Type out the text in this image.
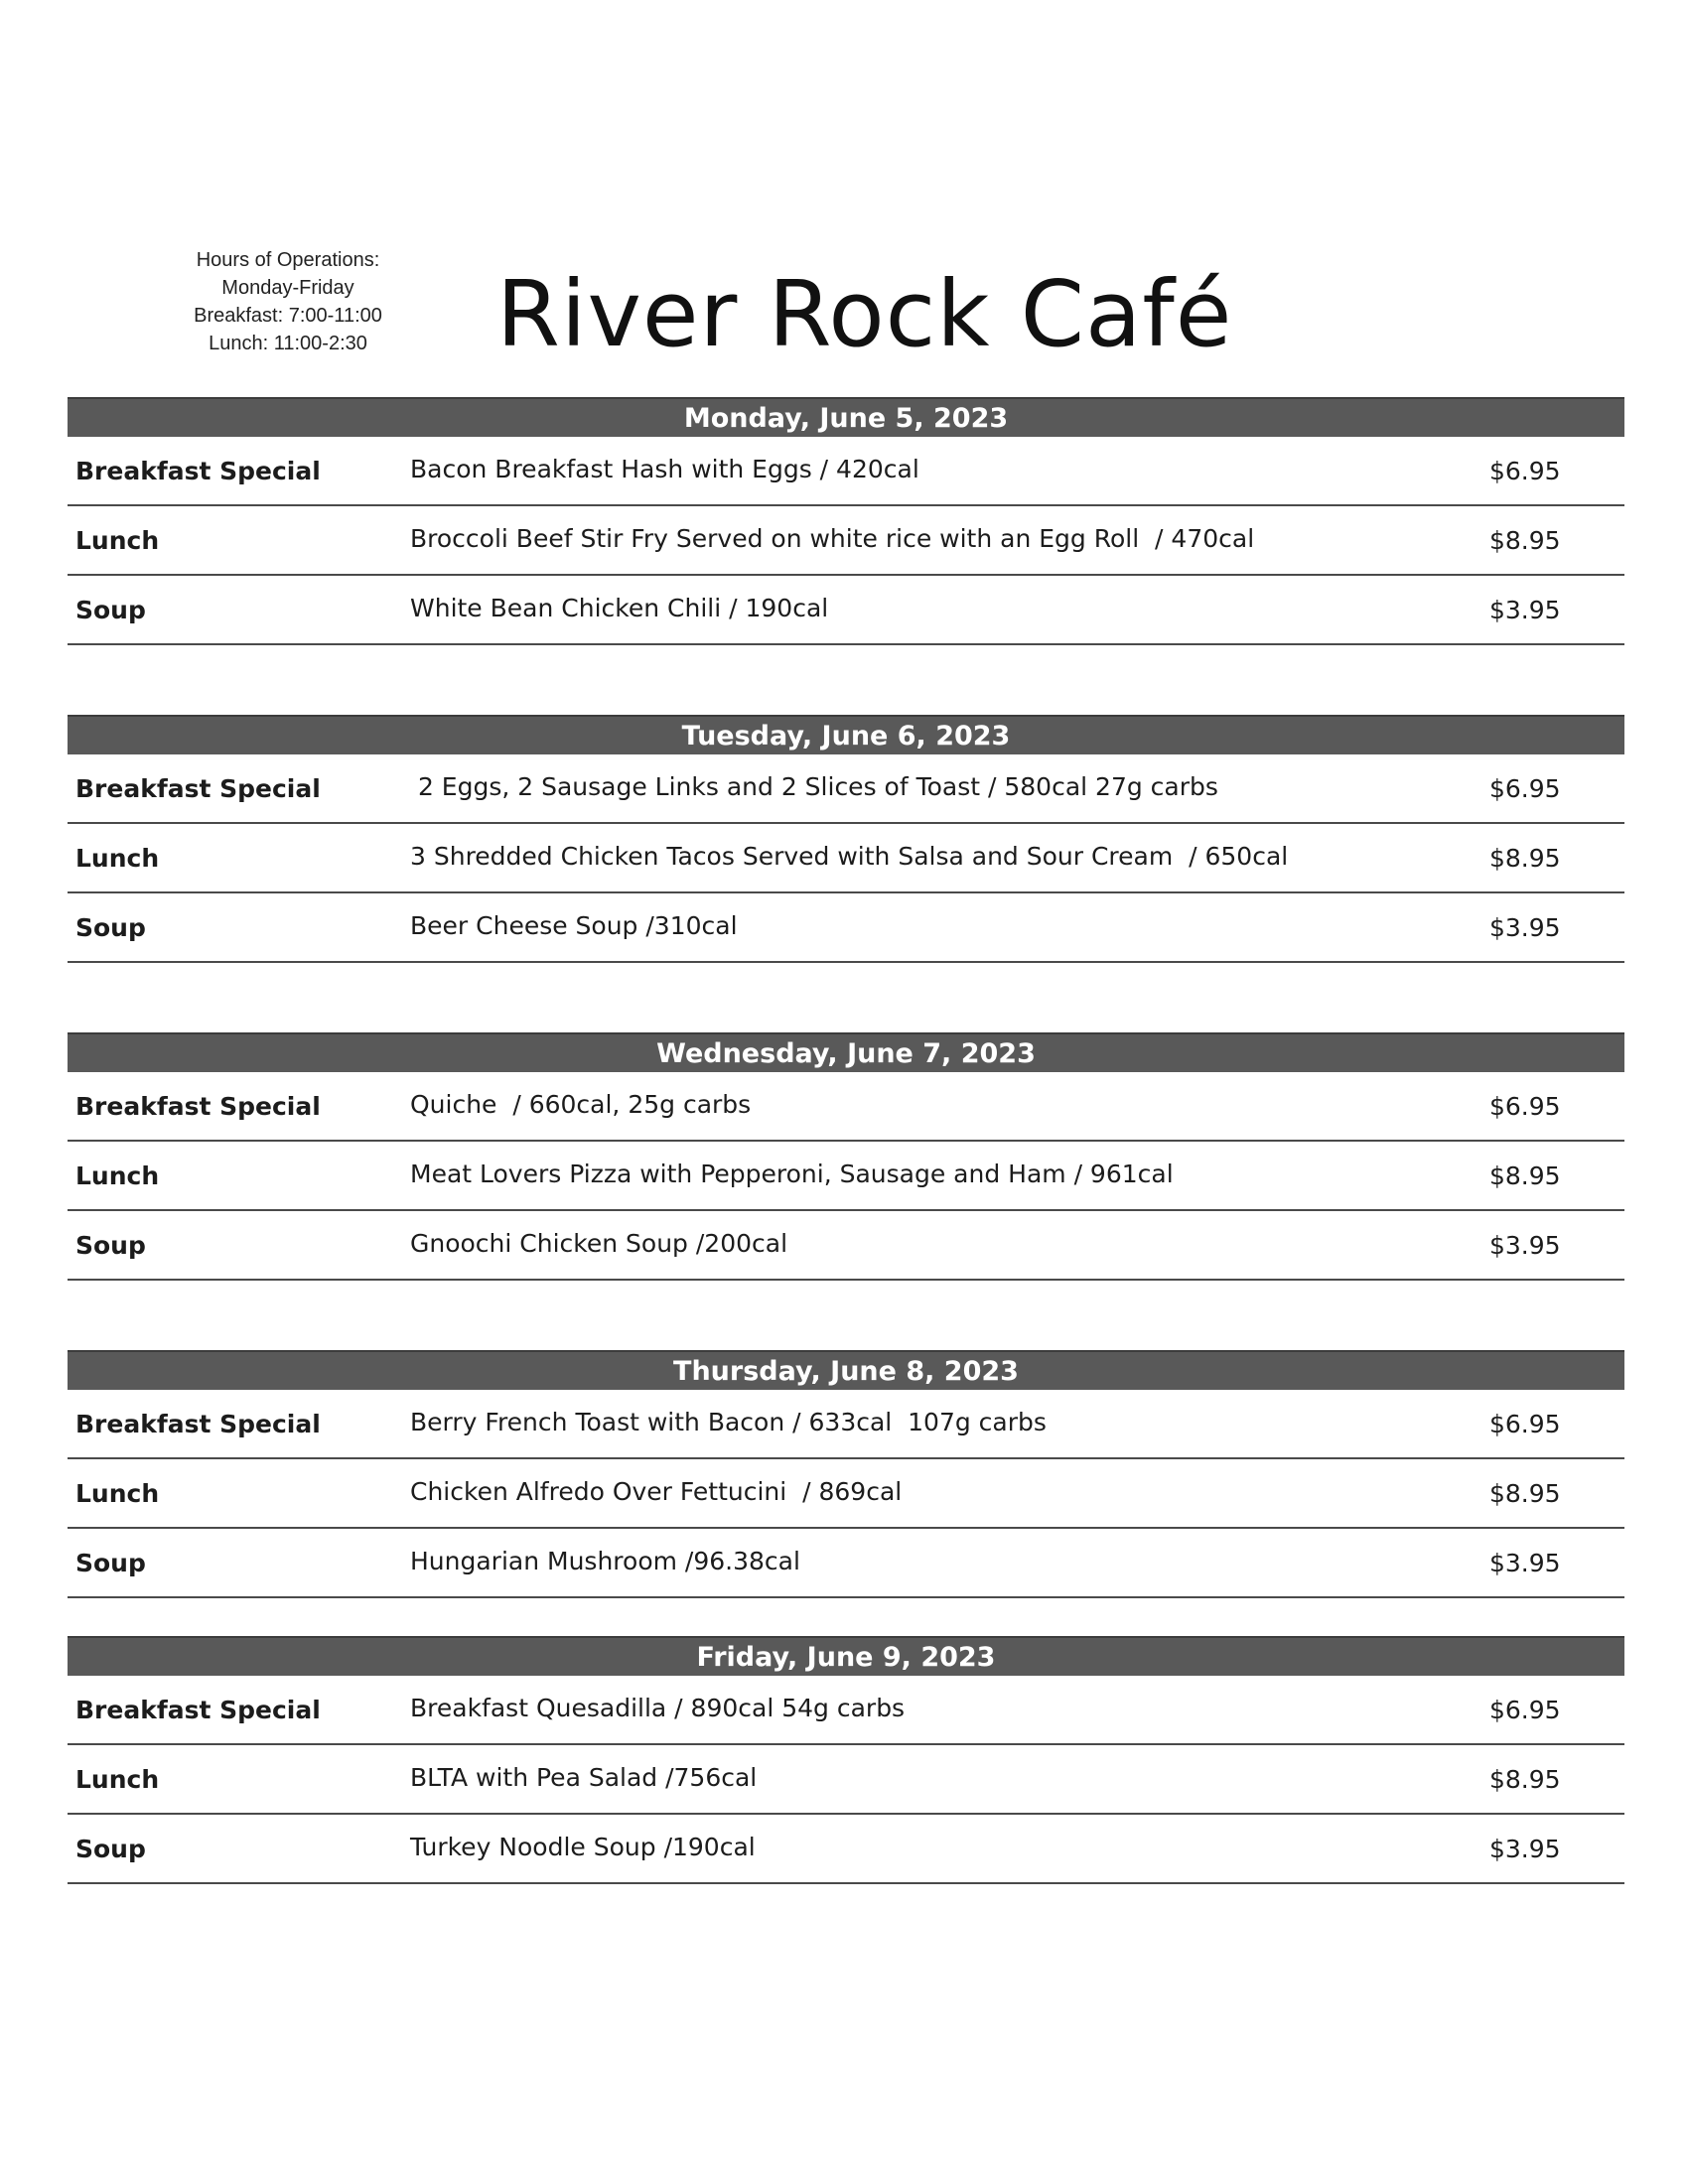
Hours of Operations:
Monday-Friday
Breakfast: 7:00-11:00
Lunch: 11:00-2:30	River Rock Café
Monday, June 5, 2023
Breakfast Special	Bacon Breakfast Hash with Eggs / 420cal	$6.95
Lunch	Broccoli Beef Stir Fry Served on white rice with an Egg Roll  / 470cal	$8.95
Soup	White Bean Chicken Chili / 190cal	$3.95
Tuesday, June 6, 2023
Breakfast Special	2 Eggs, 2 Sausage Links and 2 Slices of Toast / 580cal 27g carbs	$6.95
Lunch	3 Shredded Chicken Tacos Served with Salsa and Sour Cream  / 650cal	$8.95
Soup	Beer Cheese Soup /310cal	$3.95
Wednesday, June 7, 2023
Breakfast Special	Quiche  / 660cal, 25g carbs	$6.95
Lunch	Meat Lovers Pizza with Pepperoni, Sausage and Ham / 961cal	$8.95
Soup	Gnoochi Chicken Soup /200cal	$3.95
Thursday, June 8, 2023
Breakfast Special	Berry French Toast with Bacon / 633cal  107g carbs	$6.95
Lunch	Chicken Alfredo Over Fettucini  / 869cal	$8.95
Soup	Hungarian Mushroom /96.38cal	$3.95
Friday, June 9, 2023
Breakfast Special	Breakfast Quesadilla / 890cal 54g carbs	$6.95
Lunch	BLTA with Pea Salad /756cal	$8.95
Soup	Turkey Noodle Soup /190cal	$3.95
